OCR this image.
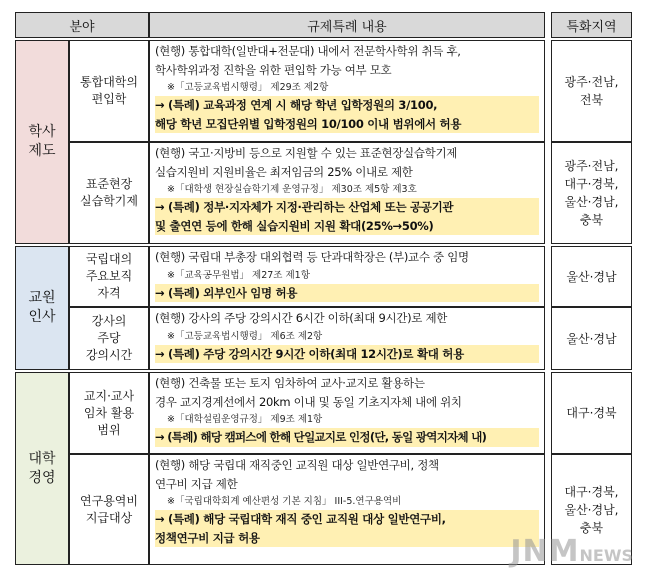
분야	규제특례 내용	특화지역
학사
제도
교원
인사
대학
경영
통합대학의
편입학
(현행) 통합대학(일반대+전문대) 내에서 전문학사학위 취득 후,
학사학위과정 진학을 위한 편입학 가능 여부 모호
※「고등교육법시행령」 제29조 제2항
→ (특례) 교육과정 연계 시 해당 학년 입학정원의 3/100,
해당 학년 모집단위별 입학정원의 10/100 이내 범위에서 허용
광주·전남,
전북
표준현장
실습학기제
(현행) 국고·지방비 등으로 지원할 수 있는 표준현장실습학기제
실습지원비 지원비율은 최저임금의 25% 이내로 제한
※「대학생 현장실습학기제 운영규정」 제30조 제5항 제3호
→ (특례) 정부·지자체가 지정·관리하는 산업체 또는 공공기관
및 출연연 등에 한해 실습지원비 지원 확대(25%→50%)
광주·전남,
대구·경북,
울산·경남,
충북
국립대의
주요보직
자격
(현행) 국립대 부총장 대외협력 등 단과대학장은 (부)교수 중 임명
※「교육공무원법」 제27조 제1항
→ (특례) 외부인사 임명 허용
울산·경남
강사의
주당
강의시간
(현행) 강사의 주당 강의시간 6시간 이하(최대 9시간)로 제한
※「고등교육법시행령」 제6조 제2항
→ (특례) 주당 강의시간 9시간 이하(최대 12시간)로 확대 허용
울산·경남
교지·교사
임차 활용
범위
(현행) 건축물 또는 토지 임차하여 교사·교지로 활용하는
경우 교지경계선에서 20km 이내 및 동일 기초지자체 내에 위치
※「대학설립운영규정」 제9조 제1항
→ (특례) 해당 캠퍼스에 한해 단일교지로 인정(단, 동일 광역지자체 내)
대구·경북
연구용역비
지급대상
(현행) 해당 국립대 재직중인 교직원 대상 일반연구비, 정책
연구비 지급 제한
※「국립대학회계 예산편성 기본 지침」 III-5.연구용역비
→ (특례) 해당 국립대학 재직 중인 교직원 대상 일반연구비,
정책연구비 지급 허용
대구·경북,
울산·경남,
충북
JNMNEWS
